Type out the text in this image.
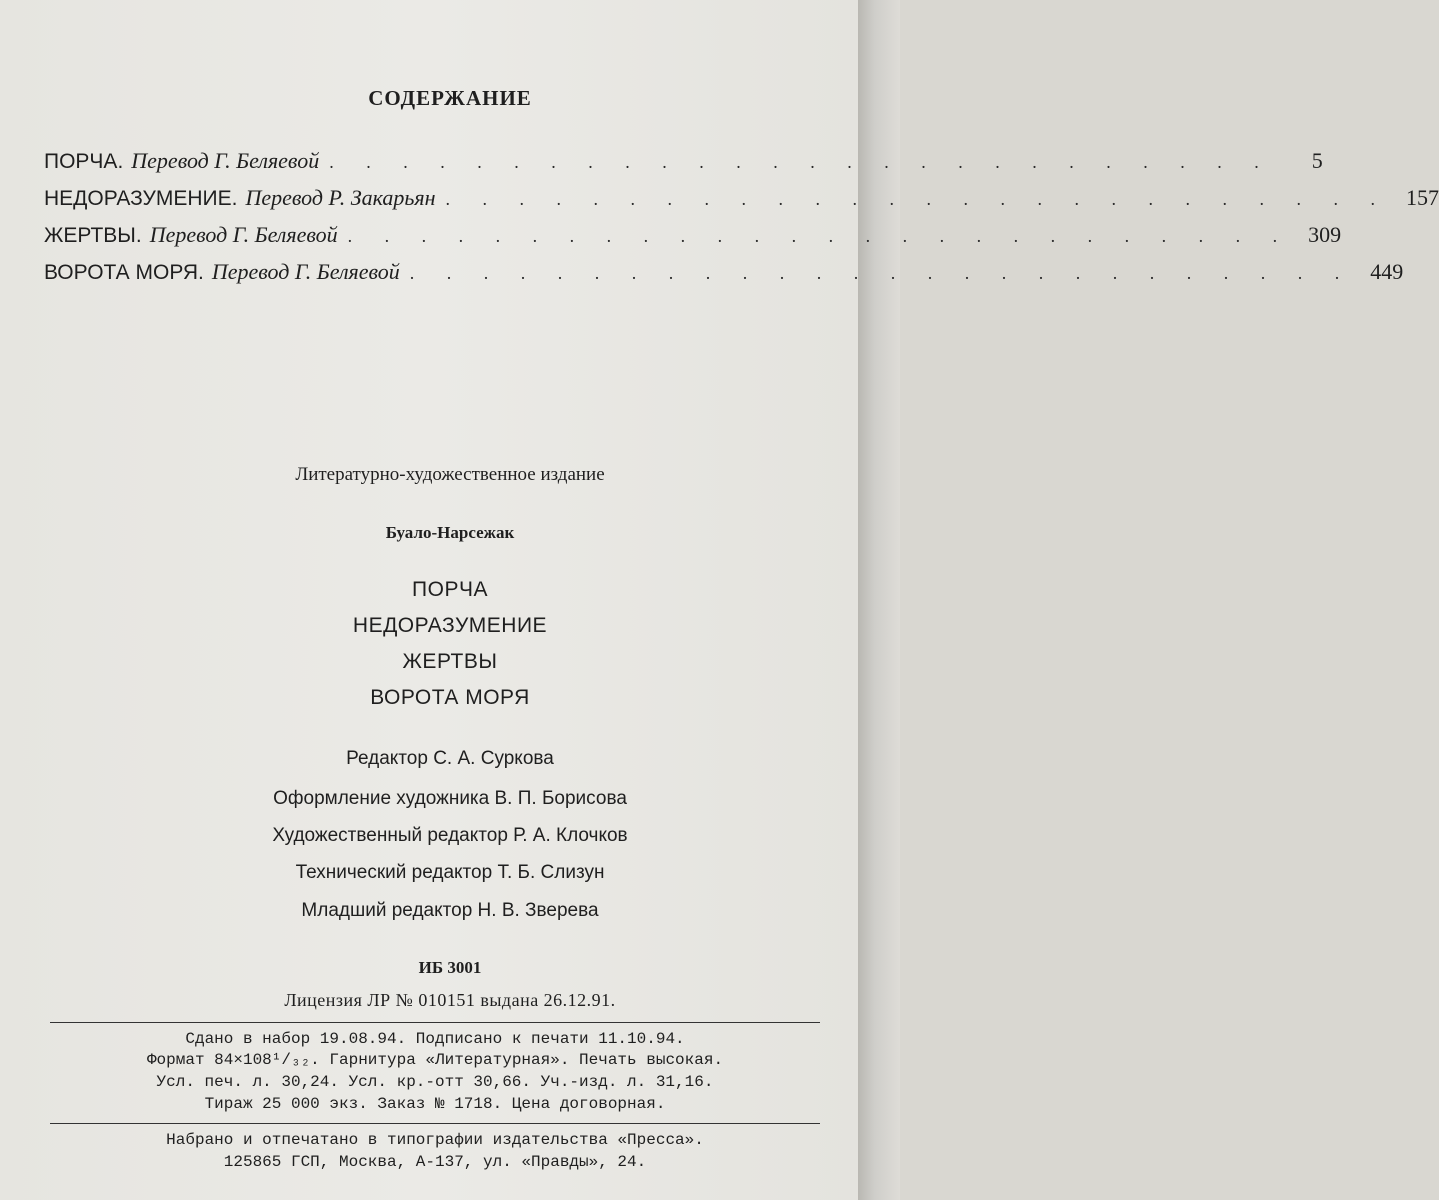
СОДЕРЖАНИЕ
ПОРЧА. Перевод Г. Беляевой . . . . . . . . . . . . . . . . . . . . . . . . . .	5
НЕДОРАЗУМЕНИЕ. Перевод Р. Закарьян . . . . . . . . . . . . . . . . . . . . . . . . . . 157
ЖЕРТВЫ. Перевод Г. Беляевой . . . . . . . . . . . . . . . . . . . . . . . . . . 309
ВОРОТА МОРЯ. Перевод Г. Беляевой . . . . . . . . . . . . . . . . . . . . . . . . . . 449
Литературно-художественное издание
Буало-Нарсежак
ПОРЧА
НЕДОРАЗУМЕНИЕ
ЖЕРТВЫ
ВОРОТА МОРЯ
Редактор С. А. Суркова
Оформление художника В. П. Борисова
Художественный редактор Р. А. Клочков
Технический редактор Т. Б. Слизун
Младший редактор Н. В. Зверева
ИБ 3001
Лицензия ЛР № 010151 выдана 26.12.91.
Сдано в набор 19.08.94. Подписано к печати 11.10.94.
Формат 84×108¹/₃₂. Гарнитура «Литературная». Печать высокая.
Усл. печ. л. 30,24. Усл. кр.-отт 30,66. Уч.-изд. л. 31,16.
Тираж 25 000 экз. Заказ № 1718. Цена договорная.
Набрано и отпечатано в типографии издательства «Пресса».
125865 ГСП, Москва, А-137, ул. «Правды», 24.
